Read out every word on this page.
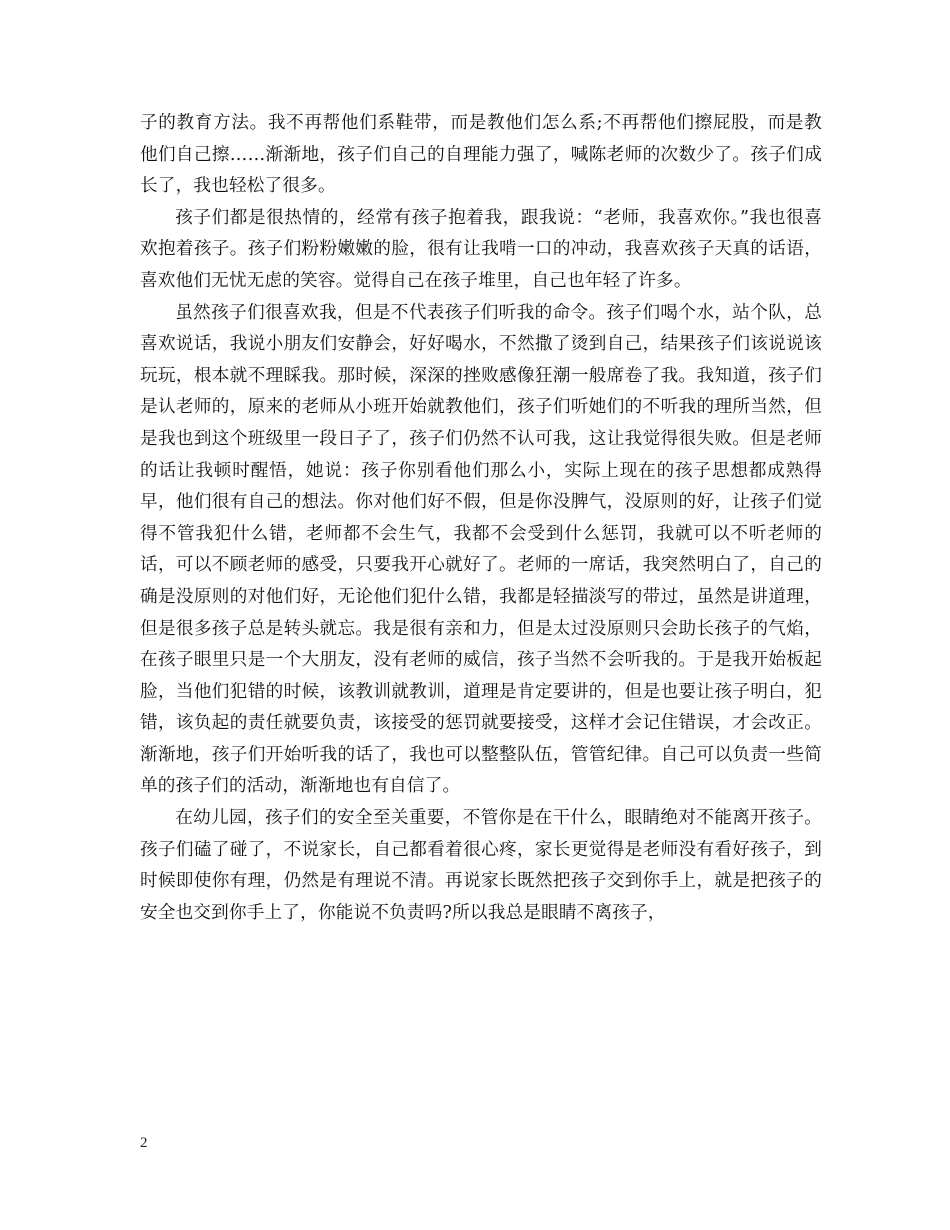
子的教育方法。我不再帮他们系鞋带，而是教他们怎么系;不再帮他们擦屁股，而是教他们自己擦……渐渐地，孩子们自己的自理能力强了，喊陈老师的次数少了。孩子们成长了，我也轻松了很多。

孩子们都是很热情的，经常有孩子抱着我，跟我说：“老师，我喜欢你。”我也很喜欢抱着孩子。孩子们粉粉嫩嫩的脸，很有让我啃一口的冲动，我喜欢孩子天真的话语，喜欢他们无忧无虑的笑容。觉得自己在孩子堆里，自己也年轻了许多。

虽然孩子们很喜欢我，但是不代表孩子们听我的命令。孩子们喝个水，站个队，总喜欢说话，我说小朋友们安静会，好好喝水，不然撒了烫到自己，结果孩子们该说说该玩玩，根本就不理睬我。那时候，深深的挫败感像狂潮一般席卷了我。我知道，孩子们是认老师的，原来的老师从小班开始就教他们，孩子们听她们的不听我的理所当然，但是我也到这个班级里一段日子了，孩子们仍然不认可我，这让我觉得很失败。但是老师的话让我顿时醒悟，她说：孩子你别看他们那么小，实际上现在的孩子思想都成熟得早，他们很有自己的想法。你对他们好不假，但是你没脾气，没原则的好，让孩子们觉得不管我犯什么错，老师都不会生气，我都不会受到什么惩罚，我就可以不听老师的话，可以不顾老师的感受，只要我开心就好了。老师的一席话，我突然明白了，自己的确是没原则的对他们好，无论他们犯什么错，我都是轻描淡写的带过，虽然是讲道理，但是很多孩子总是转头就忘。我是很有亲和力，但是太过没原则只会助长孩子的气焰，在孩子眼里只是一个大朋友，没有老师的威信，孩子当然不会听我的。于是我开始板起脸，当他们犯错的时候，该教训就教训，道理是肯定要讲的，但是也要让孩子明白，犯错，该负起的责任就要负责，该接受的惩罚就要接受，这样才会记住错误，才会改正。渐渐地，孩子们开始听我的话了，我也可以整整队伍，管管纪律。自己可以负责一些简单的孩子们的活动，渐渐地也有自信了。

在幼儿园，孩子们的安全至关重要，不管你是在干什么，眼睛绝对不能离开孩子。孩子们磕了碰了，不说家长，自己都看着很心疼，家长更觉得是老师没有看好孩子，到时候即使你有理，仍然是有理说不清。再说家长既然把孩子交到你手上，就是把孩子的安全也交到你手上了，你能说不负责吗?所以我总是眼睛不离孩子，

2
